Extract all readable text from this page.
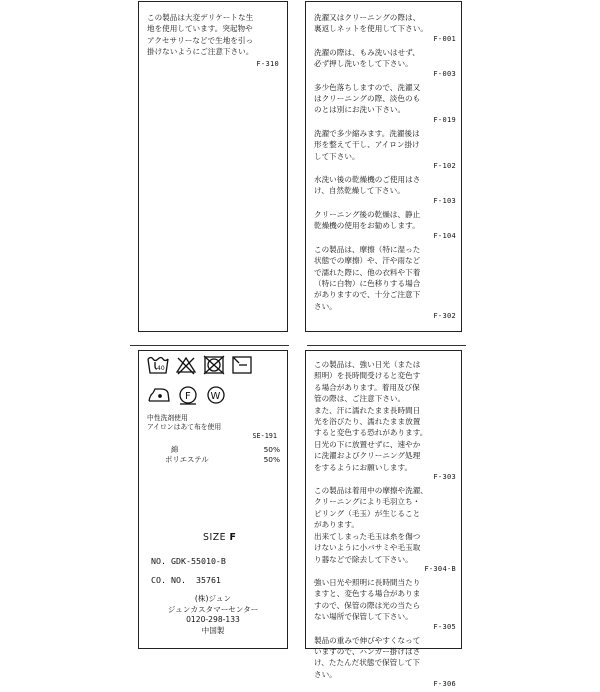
この製品は大変デリケートな生
地を使用しています。突起物や
アクセサリーなどで生地を引っ
掛けないようにご注意下さい。
F-310
洗濯又はクリーニングの際は、
裏返しネットを使用して下さい。
F-001
洗濯の際は、もみ洗いはせず、
必ず押し洗いをして下さい。
F-003
多少色落ちしますので、洗濯又
はクリーニングの際、淡色のも
のとは別にお洗い下さい。
F-019
洗濯で多少縮みます。洗濯後は
形を整えて干し、アイロン掛け
して下さい。
F-102
水洗い後の乾燥機のご使用はさ
け、自然乾燥して下さい。
F-103
クリーニング後の乾燥は、静止
乾燥機の使用をお勧めします。
F-104
この製品は、摩擦（特に湿った
状態での摩擦）や、汗や雨など
で濡れた際に、他の衣料や下着
（特に白物）に色移りする場合
がありますので、十分ご注意下
さい。
F-302
40
F W
中性洗剤使用
アイロンはあて布を使用
SE-191
綿	50%
ポリエステル	50%
SIZE F
NO. GDK-55010-B
CO. NO.  35761
(株)ジュン
ジュンカスタマーセンター
0120-298-133
中国製
この製品は、強い日光（または
照明）を長時間受けると変色す
る場合があります。着用及び保
管の際は、ご注意下さい。
また、汗に濡れたまま長時間日
光を浴びたり、濡れたまま放置
すると変色する恐れがあります。
日光の下に放置せずに、速やか
に洗濯およびクリーニング処理
をするようにお願いします。
F-303
この製品は着用中の摩擦や洗濯、
クリーニングにより毛羽立ち・
ピリング（毛玉）が生じること
があります。
出来てしまった毛玉は糸を傷つ
けないように小バサミや毛玉取
り器などで除去して下さい。
F-304-B
強い日光や照明に長時間当たり
ますと、変色する場合がありま
すので、保管の際は光の当たら
ない場所で保管して下さい。
F-305
製品の重みで伸びやすくなって
いますので、ハンガー掛けはさ
け、たたんだ状態で保管して下
さい。
F-306
